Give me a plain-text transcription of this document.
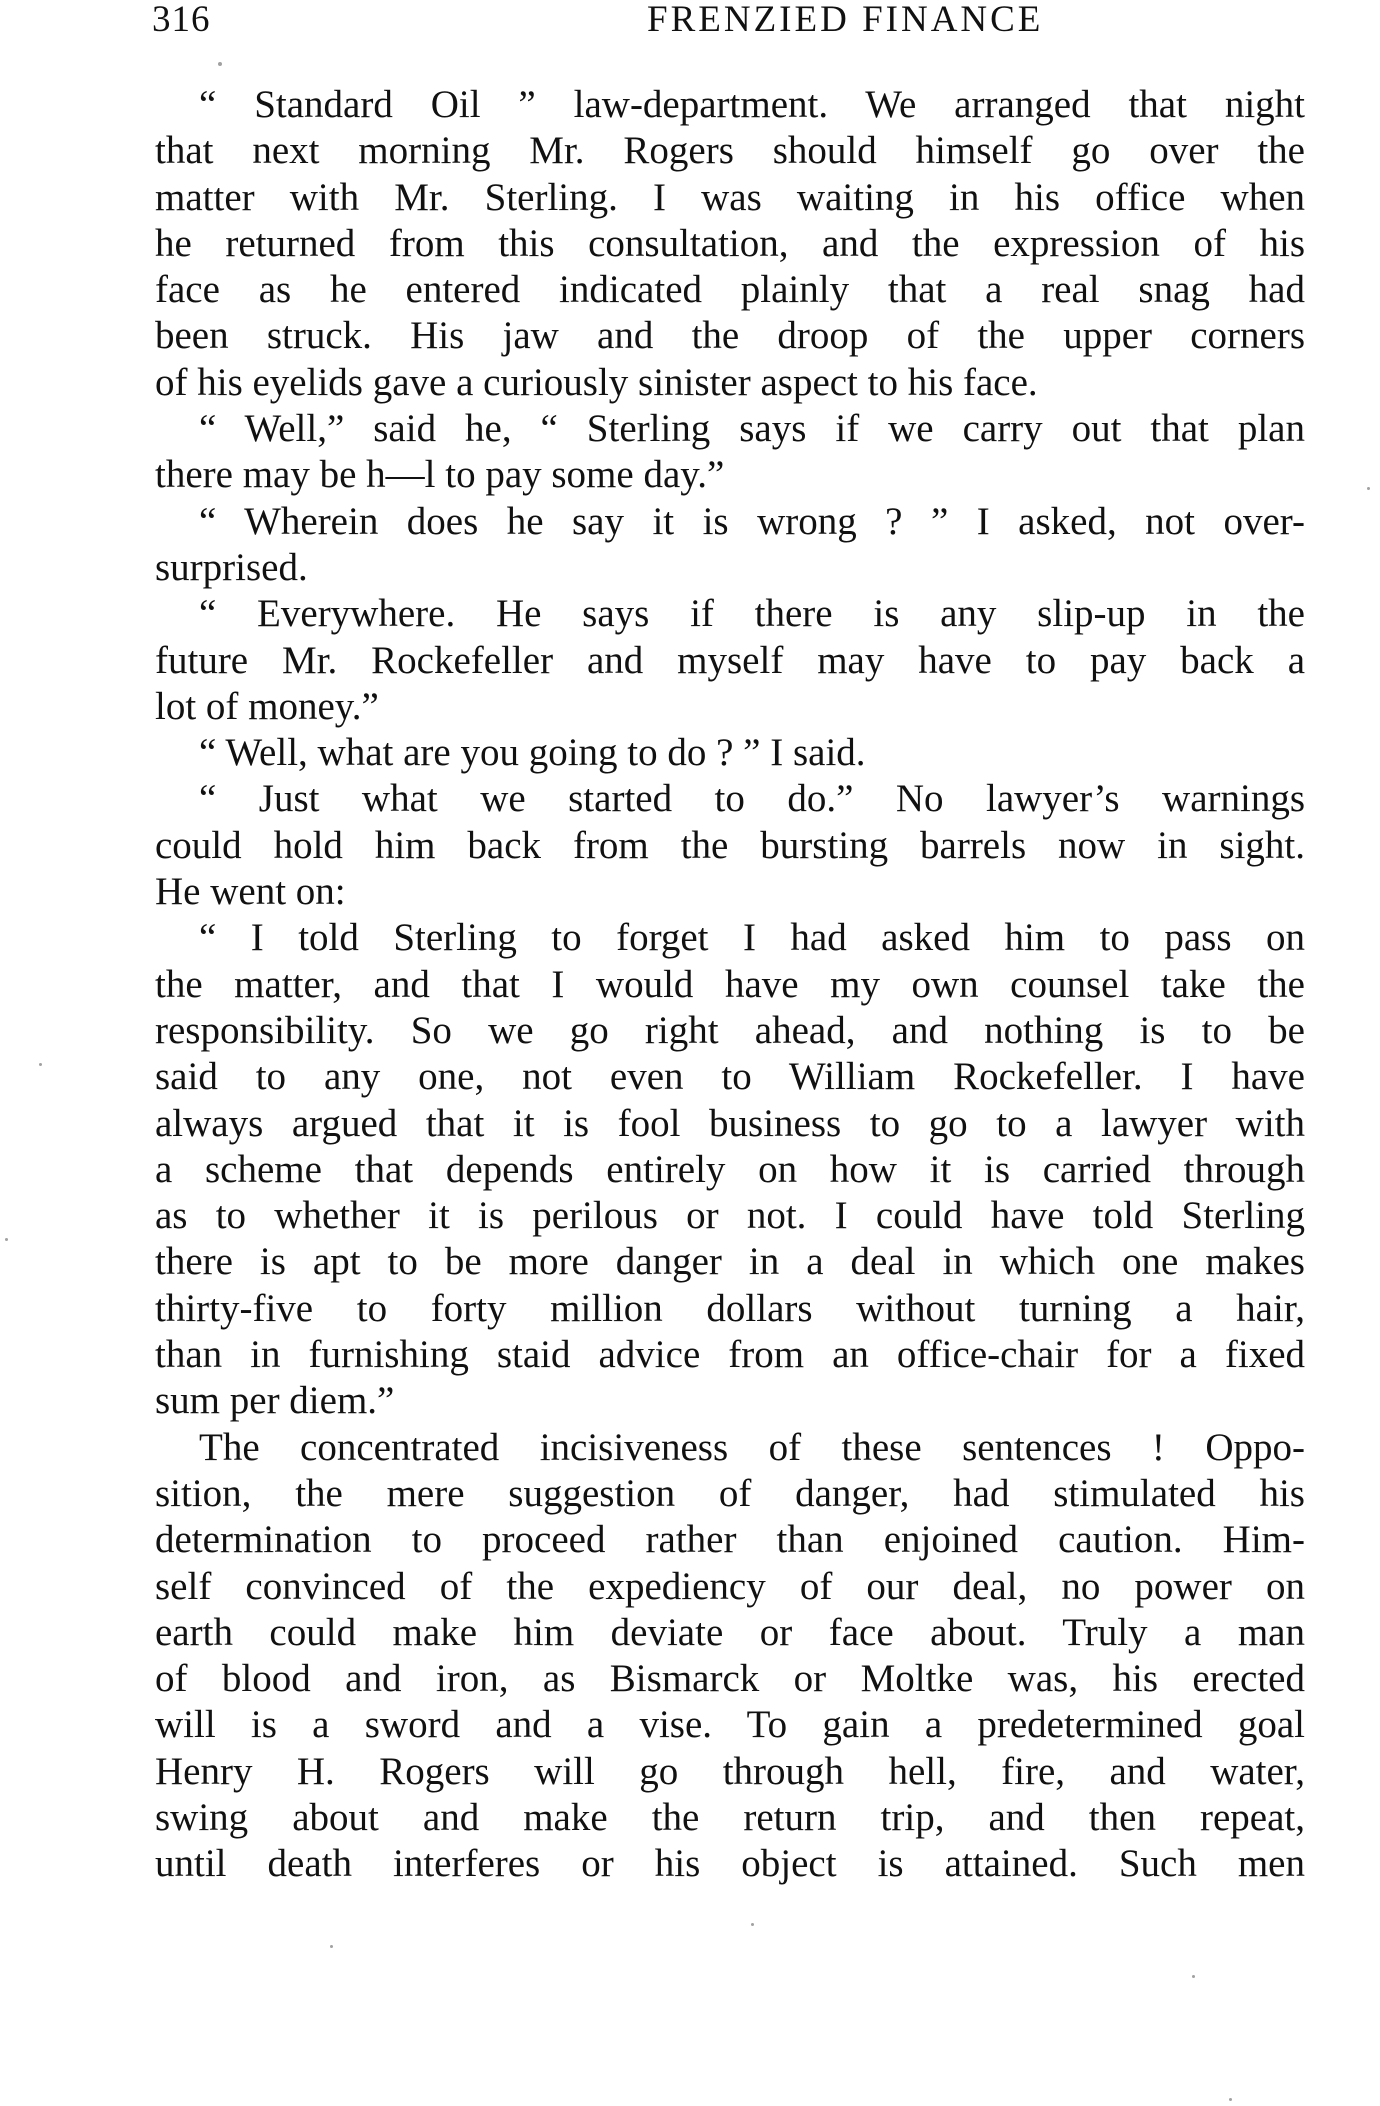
316	FRENZIED FINANCE
“ Standard Oil ” law-department. We arranged that night
that next morning Mr. Rogers should himself go over the
matter with Mr. Sterling. I was waiting in his office when
he returned from this consultation, and the expression of his
face as he entered indicated plainly that a real snag had
been struck. His jaw and the droop of the upper corners
of his eyelids gave a curiously sinister aspect to his face.
“ Well,” said he, “ Sterling says if we carry out that plan
there may be h—l to pay some day.”
“ Wherein does he say it is wrong ? ” I asked, not over-
surprised.
“ Everywhere. He says if there is any slip-up in the
future Mr. Rockefeller and myself may have to pay back a
lot of money.”
“ Well, what are you going to do ? ” I said.
“ Just what we started to do.” No lawyer’s warnings
could hold him back from the bursting barrels now in sight.
He went on:
“ I told Sterling to forget I had asked him to pass on
the matter, and that I would have my own counsel take the
responsibility. So we go right ahead, and nothing is to be
said to any one, not even to William Rockefeller. I have
always argued that it is fool business to go to a lawyer with
a scheme that depends entirely on how it is carried through
as to whether it is perilous or not. I could have told Sterling
there is apt to be more danger in a deal in which one makes
thirty-five to forty million dollars without turning a hair,
than in furnishing staid advice from an office-chair for a fixed
sum per diem.”
The concentrated incisiveness of these sentences ! Oppo-
sition, the mere suggestion of danger, had stimulated his
determination to proceed rather than enjoined caution. Him-
self convinced of the expediency of our deal, no power on
earth could make him deviate or face about. Truly a man
of blood and iron, as Bismarck or Moltke was, his erected
will is a sword and a vise. To gain a predetermined goal
Henry H. Rogers will go through hell, fire, and water,
swing about and make the return trip, and then repeat,
until death interferes or his object is attained. Such men
